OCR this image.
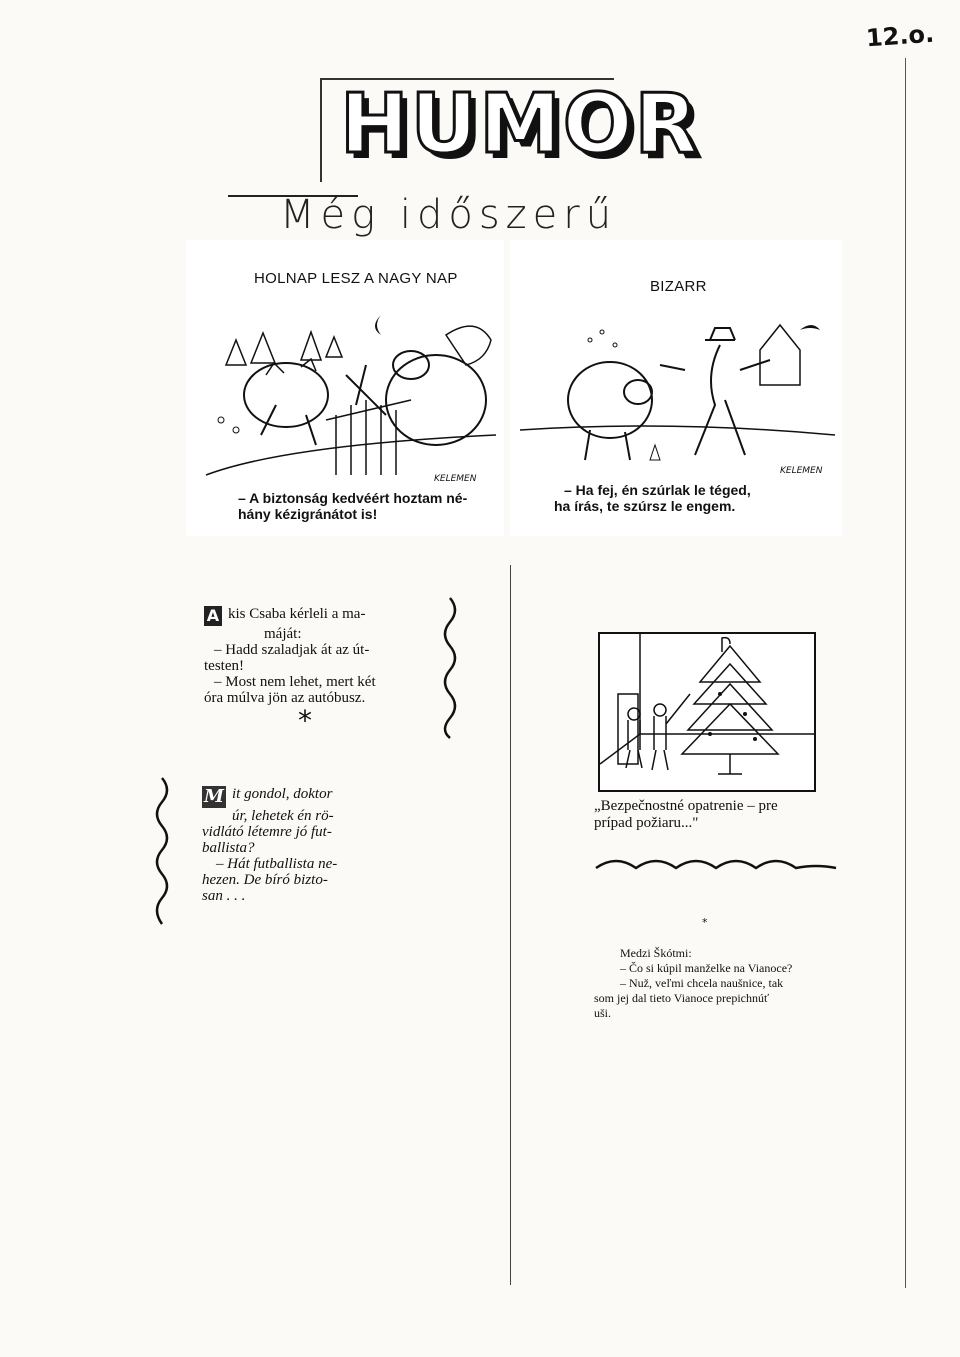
12.o.
HUMOR
Még időszerű
HOLNAP LESZ A NAGY NAP
KELEMEN
– A biztonság kedvéért hoztam né-
hány kézigránátot is!
BIZARR
KELEMEN
– Ha fej, én szúrlak le téged,
ha írás, te szúrsz le engem.

A kis Csaba kérleli a ma-

máját:

– Hadd szaladjak át az út-

testen!

– Most nem lehet, mert két

óra múlva jön az autóbusz.

*

M it gondol, doktor

úr, lehetek én rö-

vidlátó létemre jó fut-

ballista?

– Hát futballista ne-

hezen. De bíró bizto-

san . . .

„Bezpečnostné opatrenie – pre
prípad požiaru..."
*

Medzi Škótmi:

– Čo si kúpil manželke na Vianoce?

– Nuž, veľmi chcela naušnice, tak

som jej dal tieto Vianoce prepichnúť

uši.
